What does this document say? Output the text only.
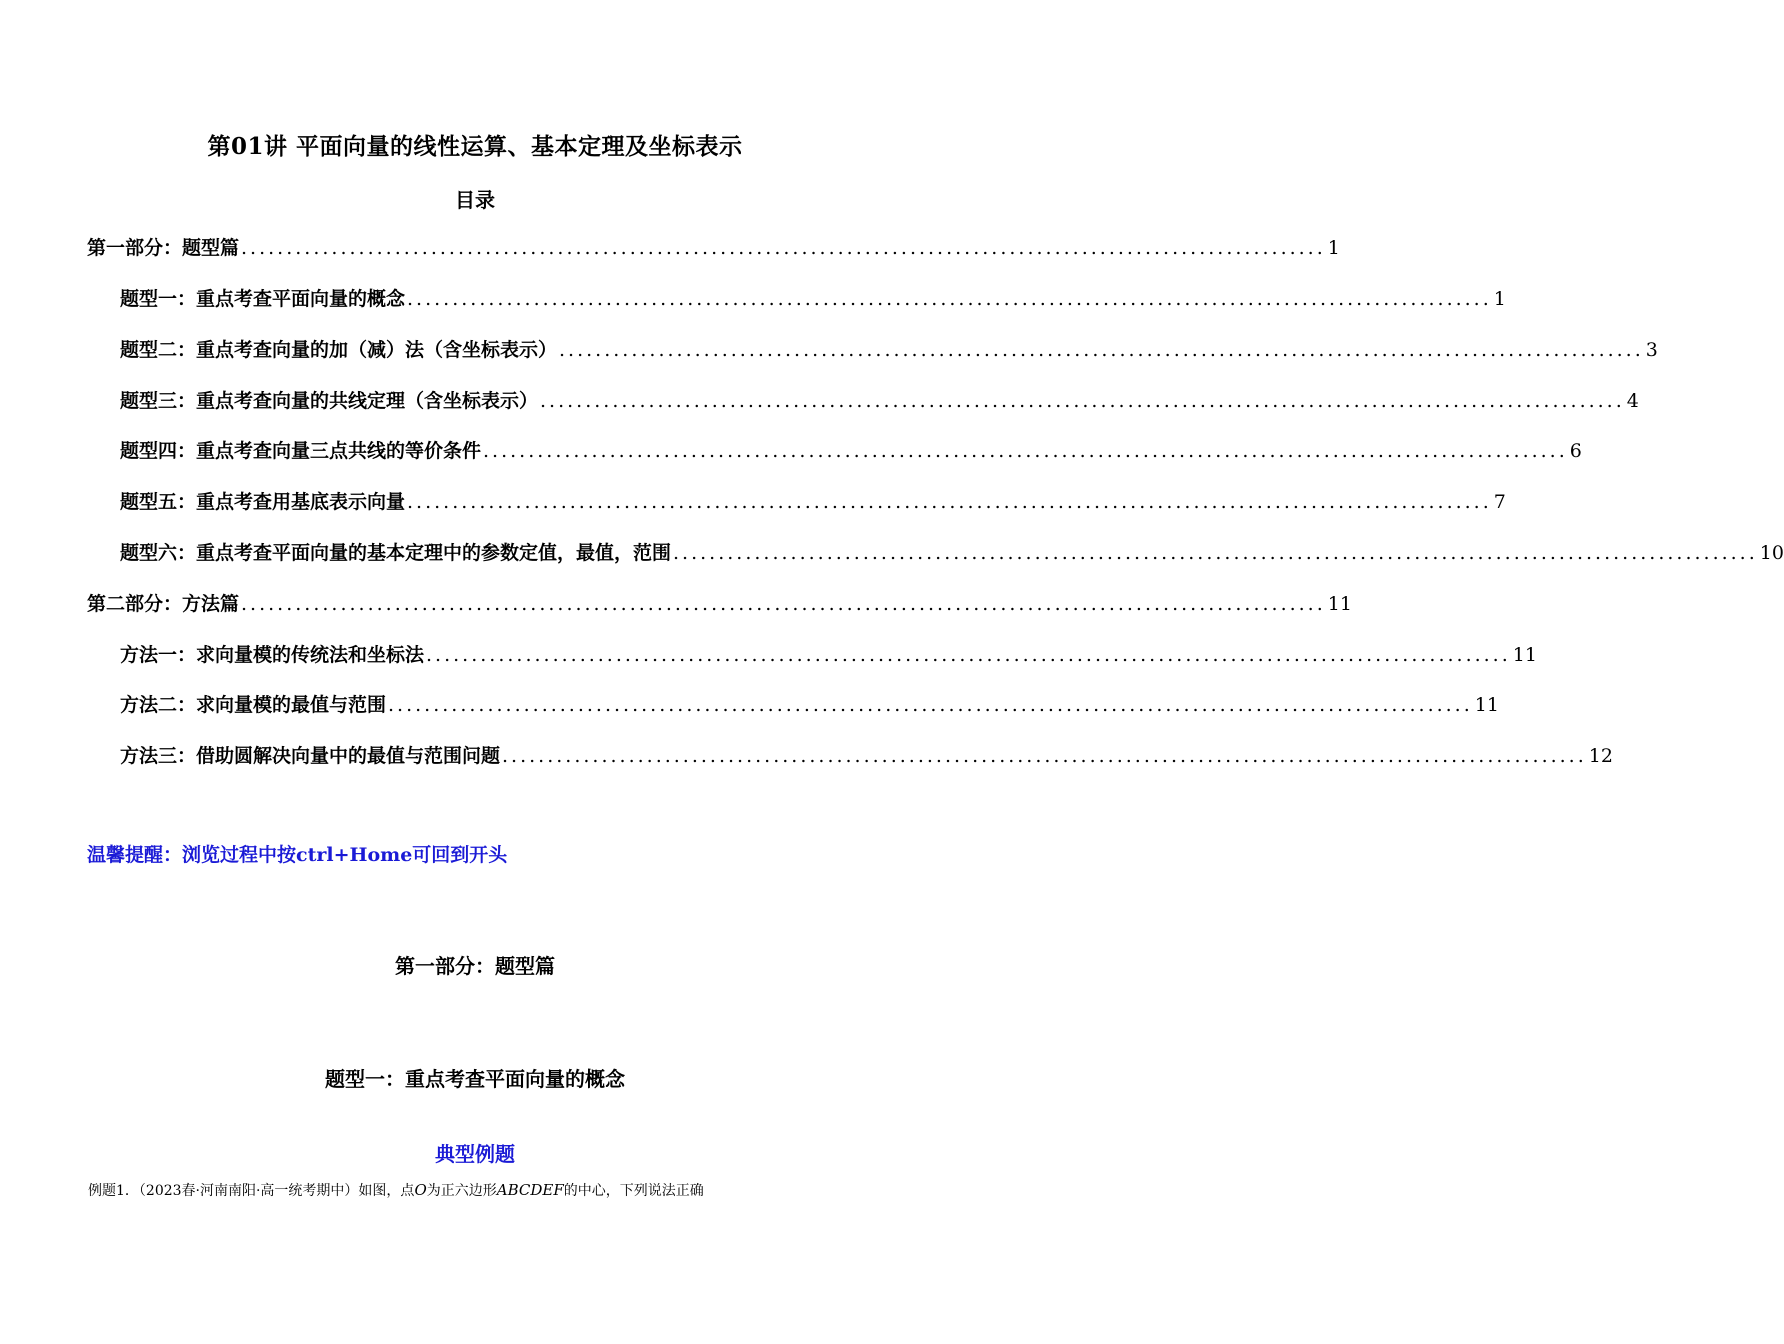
第01讲 平面向量的线性运算、基本定理及坐标表示
目录
第一部分：题型篇 ........................................................................................................................ 1
题型一：重点考查平面向量的概念 ........................................................................................................................ 1
题型二：重点考查向量的加（减）法（含坐标表示） ........................................................................................................................ 3
题型三：重点考查向量的共线定理（含坐标表示） ........................................................................................................................ 4
题型四：重点考查向量三点共线的等价条件 ........................................................................................................................ 6
题型五：重点考查用基底表示向量 ........................................................................................................................ 7
题型六：重点考查平面向量的基本定理中的参数定值，最值，范围 ........................................................................................................................ 10
第二部分：方法篇 ........................................................................................................................ 11
方法一：求向量模的传统法和坐标法 ........................................................................................................................ 11
方法二：求向量模的最值与范围 ........................................................................................................................ 11
方法三：借助圆解决向量中的最值与范围问题 ........................................................................................................................ 12
温馨提醒：浏览过程中按ctrl+Home可回到开头
第一部分：题型篇
题型一：重点考查平面向量的概念
典型例题
例题1．（2023春·河南南阳·高一统考期中）如图，点O为正六边形ABCDEF的中心，下列说法正确
